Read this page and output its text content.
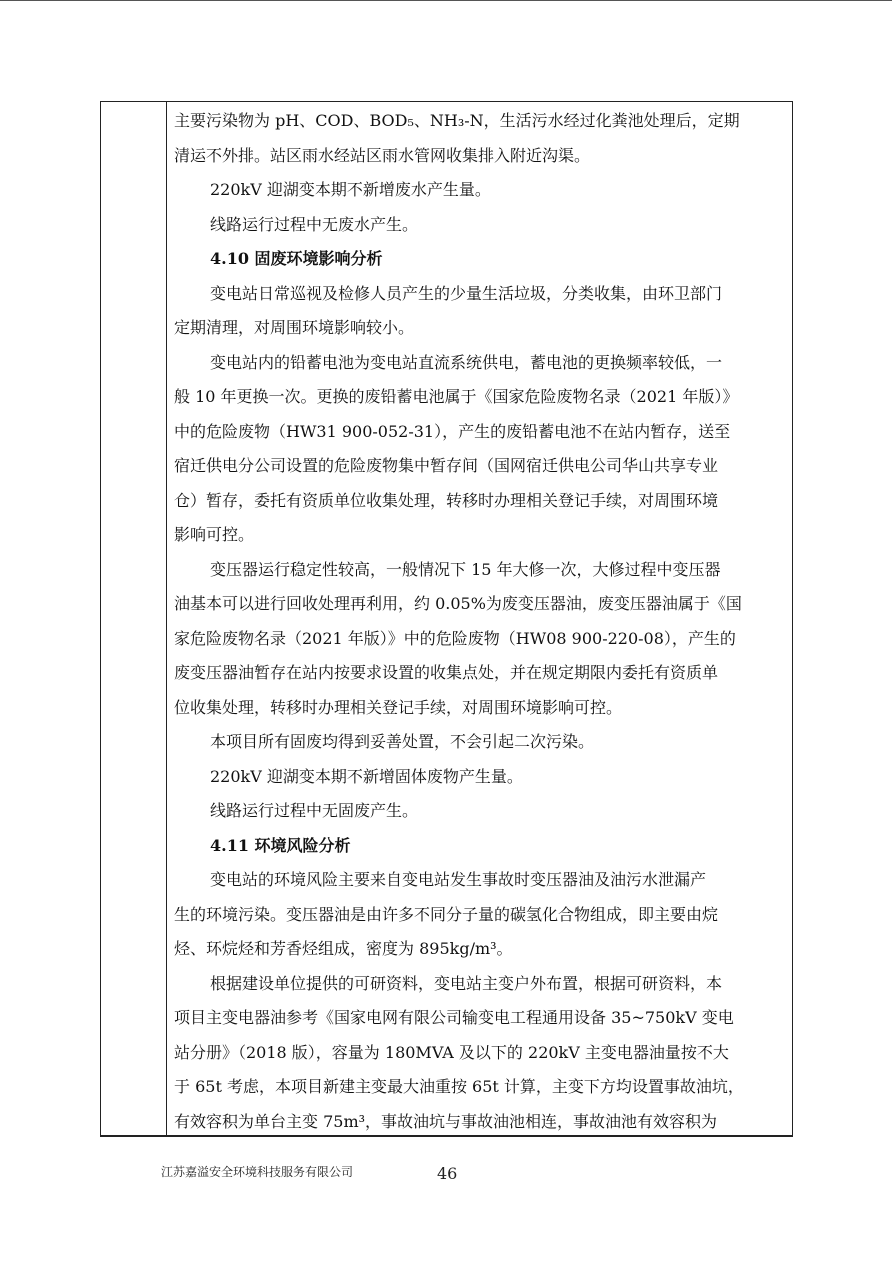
主要污染物为 pH、COD、BOD₅、NH₃-N，生活污水经过化粪池处理后，定期

清运不外排。站区雨水经站区雨水管网收集排入附近沟渠。

220kV 迎湖变本期不新增废水产生量。

线路运行过程中无废水产生。

4.10 固废环境影响分析

变电站日常巡视及检修人员产生的少量生活垃圾，分类收集，由环卫部门

定期清理，对周围环境影响较小。

变电站内的铅蓄电池为变电站直流系统供电，蓄电池的更换频率较低，一

般 10 年更换一次。更换的废铅蓄电池属于《国家危险废物名录（2021 年版）》

中的危险废物（HW31 900-052-31），产生的废铅蓄电池不在站内暂存，送至

宿迁供电分公司设置的危险废物集中暂存间（国网宿迁供电公司华山共享专业

仓）暂存，委托有资质单位收集处理，转移时办理相关登记手续，对周围环境

影响可控。

变压器运行稳定性较高，一般情况下 15 年大修一次，大修过程中变压器

油基本可以进行回收处理再利用，约 0.05%为废变压器油，废变压器油属于《国

家危险废物名录（2021 年版）》中的危险废物（HW08 900-220-08），产生的

废变压器油暂存在站内按要求设置的收集点处，并在规定期限内委托有资质单

位收集处理，转移时办理相关登记手续，对周围环境影响可控。

本项目所有固废均得到妥善处置，不会引起二次污染。

220kV 迎湖变本期不新增固体废物产生量。

线路运行过程中无固废产生。

4.11 环境风险分析

变电站的环境风险主要来自变电站发生事故时变压器油及油污水泄漏产

生的环境污染。变压器油是由许多不同分子量的碳氢化合物组成，即主要由烷

烃、环烷烃和芳香烃组成，密度为 895kg/m³。

根据建设单位提供的可研资料，变电站主变户外布置，根据可研资料，本

项目主变电器油参考《国家电网有限公司输变电工程通用设备 35~750kV 变电

站分册》（2018 版），容量为 180MVA 及以下的 220kV 主变电器油量按不大

于 65t 考虑，本项目新建主变最大油重按 65t 计算，主变下方均设置事故油坑，

有效容积为单台主变 75m³，事故油坑与事故油池相连，事故油池有效容积为

江苏嘉溢安全环境科技服务有限公司	46
